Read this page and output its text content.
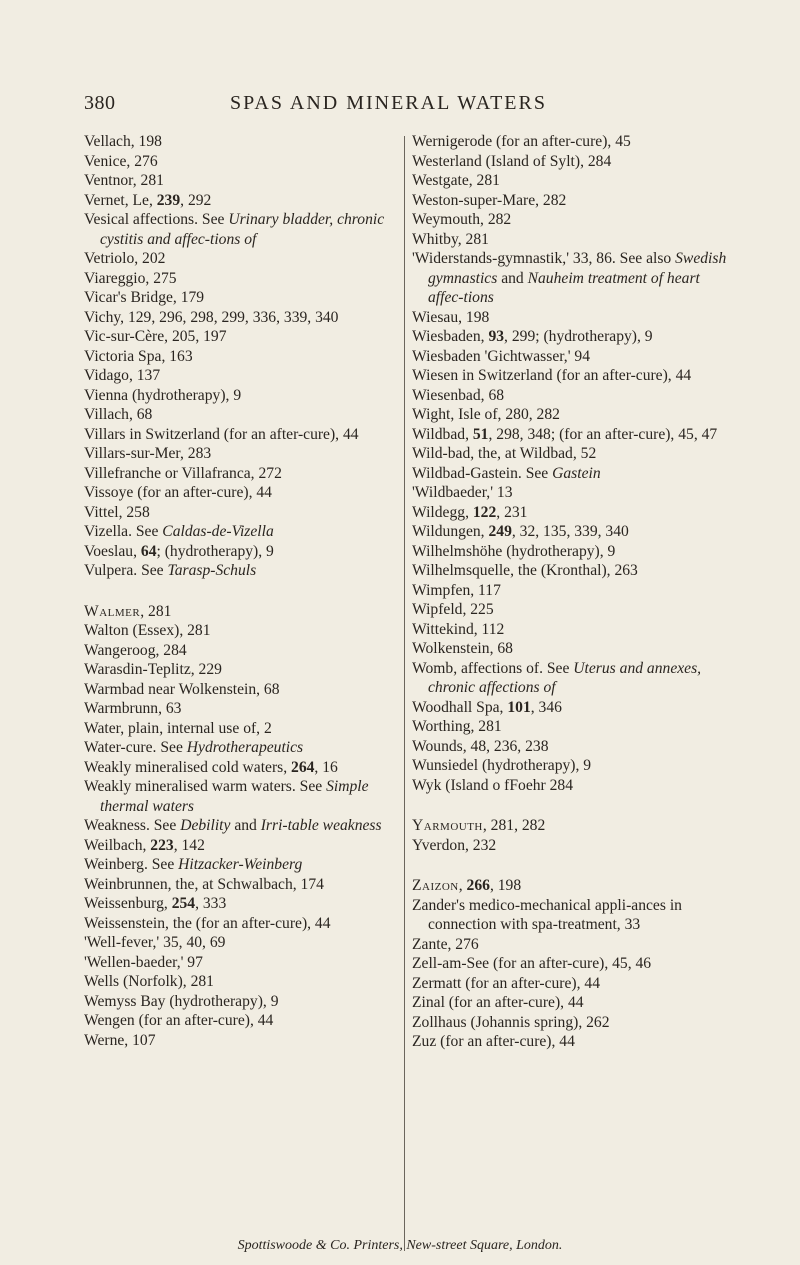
380	SPAS AND MINERAL WATERS

Vellach, 198

Venice, 276

Ventnor, 281

Vernet, Le, 239, 292

Vesical affections. See Urinary bladder, chronic cystitis and affec-tions of

Vetriolo, 202

Viareggio, 275

Vicar's Bridge, 179

Vichy, 129, 296, 298, 299, 336, 339, 340

Vic-sur-Cère, 205, 197

Victoria Spa, 163

Vidago, 137

Vienna (hydrotherapy), 9

Villach, 68

Villars in Switzerland (for an after-cure), 44

Villars-sur-Mer, 283

Villefranche or Villafranca, 272

Vissoye (for an after-cure), 44

Vittel, 258

Vizella. See Caldas-de-Vizella

Voeslau, 64; (hydrotherapy), 9

Vulpera. See Tarasp-Schuls

Walmer, 281

Walton (Essex), 281

Wangeroog, 284

Warasdin-Teplitz, 229

Warmbad near Wolkenstein, 68

Warmbrunn, 63

Water, plain, internal use of, 2

Water-cure. See Hydrotherapeutics

Weakly mineralised cold waters, 264, 16

Weakly mineralised warm waters. See Simple thermal waters

Weakness. See Debility and Irri-table weakness

Weilbach, 223, 142

Weinberg. See Hitzacker-Weinberg

Weinbrunnen, the, at Schwalbach, 174

Weissenburg, 254, 333

Weissenstein, the (for an after-cure), 44

'Well-fever,' 35, 40, 69

'Wellen-baeder,' 97

Wells (Norfolk), 281

Wemyss Bay (hydrotherapy), 9

Wengen (for an after-cure), 44

Werne, 107

Wernigerode (for an after-cure), 45

Westerland (Island of Sylt), 284

Westgate, 281

Weston-super-Mare, 282

Weymouth, 282

Whitby, 281

'Widerstands-gymnastik,' 33, 86. See also Swedish gymnastics and Nauheim treatment of heart affec-tions

Wiesau, 198

Wiesbaden, 93, 299; (hydrotherapy), 9

Wiesbaden 'Gichtwasser,' 94

Wiesen in Switzerland (for an after-cure), 44

Wiesenbad, 68

Wight, Isle of, 280, 282

Wildbad, 51, 298, 348; (for an after-cure), 45, 47

Wild-bad, the, at Wildbad, 52

Wildbad-Gastein. See Gastein

'Wildbaeder,' 13

Wildegg, 122, 231

Wildungen, 249, 32, 135, 339, 340

Wilhelmshöhe (hydrotherapy), 9

Wilhelmsquelle, the (Kronthal), 263

Wimpfen, 117

Wipfeld, 225

Wittekind, 112

Wolkenstein, 68

Womb, affections of. See Uterus and annexes, chronic affections of

Woodhall Spa, 101, 346

Worthing, 281

Wounds, 48, 236, 238

Wunsiedel (hydrotherapy), 9

Wyk (Island o fFoehr 284

Yarmouth, 281, 282

Yverdon, 232

Zaizon, 266, 198

Zander's medico-mechanical appli-ances in connection with spa-treatment, 33

Zante, 276

Zell-am-See (for an after-cure), 45, 46

Zermatt (for an after-cure), 44

Zinal (for an after-cure), 44

Zollhaus (Johannis spring), 262

Zuz (for an after-cure), 44

Spottiswoode & Co. Printers, New-street Square, London.
